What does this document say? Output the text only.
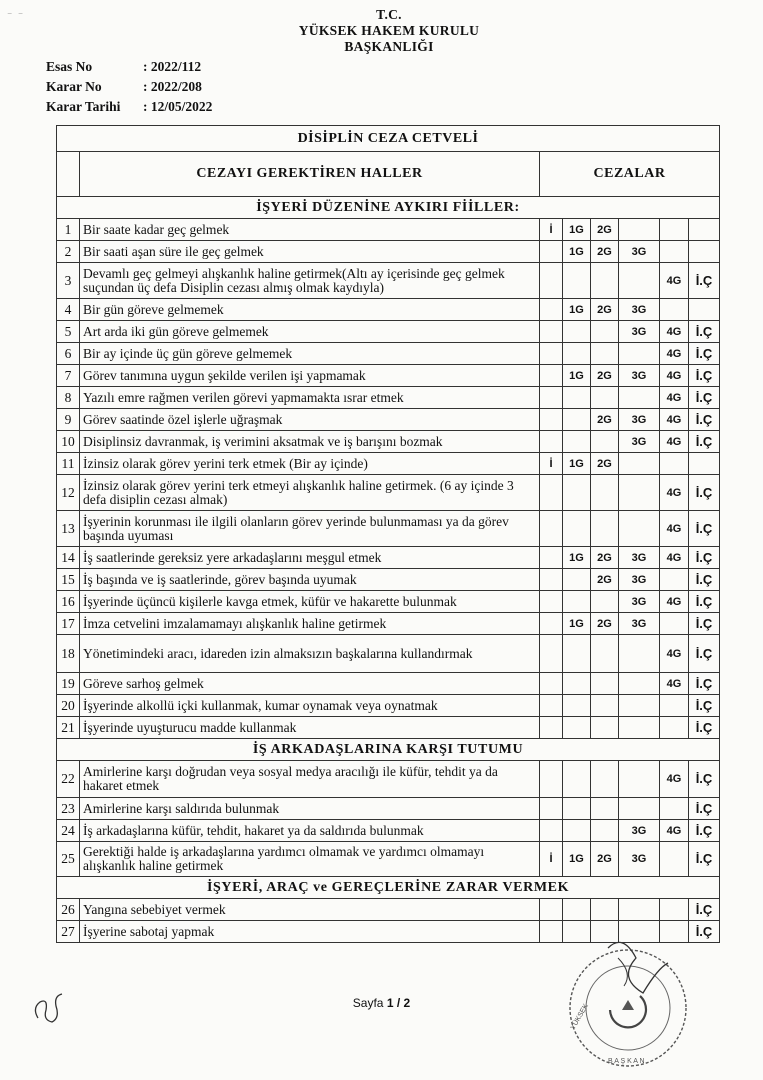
‾   ‾	T.C.
YÜKSEK HAKEM KURULU
BAŞKANLIĞI
Esas No	: 2022/112
Karar No	: 2022/208
Karar Tarihi	: 12/05/2022
DİSİPLİN CEZA CETVELİ							
	CEZAYI GEREKTİREN HALLER	CEZALAR					
İŞYERİ DÜZENİNE AYKIRI FİİLLER:							
1	Bir saate kadar geç gelmek	İ	1G	2G			
2	Bir saati aşan süre ile geç gelmek		1G	2G	3G		
3	Devamlı geç gelmeyi alışkanlık haline getirmek(Altı ay içerisinde geç gelmek suçundan üç defa Disiplin cezası almış olmak kaydıyla)					4G	İ.Ç
4	Bir gün göreve gelmemek		1G	2G	3G		
5	Art arda iki gün göreve gelmemek				3G	4G	İ.Ç
6	Bir ay içinde üç gün göreve gelmemek					4G	İ.Ç
7	Görev tanımına uygun şekilde verilen işi yapmamak		1G	2G	3G	4G	İ.Ç
8	Yazılı emre rağmen verilen görevi yapmamakta ısrar etmek					4G	İ.Ç
9	Görev saatinde özel işlerle uğraşmak			2G	3G	4G	İ.Ç
10	Disiplinsiz davranmak, iş verimini aksatmak ve iş barışını bozmak				3G	4G	İ.Ç
11	İzinsiz olarak görev yerini terk etmek (Bir ay içinde)	İ	1G	2G			
12	İzinsiz olarak görev yerini terk etmeyi alışkanlık haline getirmek. (6 ay içinde 3 defa disiplin cezası almak)					4G	İ.Ç
13	İşyerinin korunması ile ilgili olanların görev yerinde bulunmaması ya da görev başında uyuması					4G	İ.Ç
14	İş saatlerinde gereksiz yere arkadaşlarını meşgul etmek		1G	2G	3G	4G	İ.Ç
15	İş başında ve iş saatlerinde, görev başında uyumak			2G	3G		İ.Ç
16	İşyerinde üçüncü kişilerle kavga etmek, küfür ve hakarette bulunmak				3G	4G	İ.Ç
17	İmza cetvelini imzalamamayı alışkanlık haline getirmek		1G	2G	3G		İ.Ç
18	Yönetimindeki aracı, idareden izin almaksızın başkalarına kullandırmak					4G	İ.Ç
19	Göreve sarhoş gelmek					4G	İ.Ç
20	İşyerinde alkollü içki kullanmak, kumar oynamak veya oynatmak						İ.Ç
21	İşyerinde uyuşturucu madde kullanmak						İ.Ç
İŞ ARKADAŞLARINA KARŞI TUTUMU							
22	Amirlerine karşı doğrudan veya sosyal medya aracılığı ile küfür, tehdit ya da hakaret etmek					4G	İ.Ç
23	Amirlerine karşı saldırıda bulunmak						İ.Ç
24	İş arkadaşlarına küfür, tehdit, hakaret ya da saldırıda bulunmak				3G	4G	İ.Ç
25	Gerektiği halde iş arkadaşlarına yardımcı olmamak ve yardımcı olmamayı alışkanlık haline getirmek	İ	1G	2G	3G		İ.Ç
İŞYERİ, ARAÇ ve GEREÇLERİNE ZARAR VERMEK							
26	Yangına sebebiyet vermek						İ.Ç
27	İşyerine sabotaj yapmak						İ.Ç
YÜKSEK
B A Ş K A N
Sayfa 1 / 2
